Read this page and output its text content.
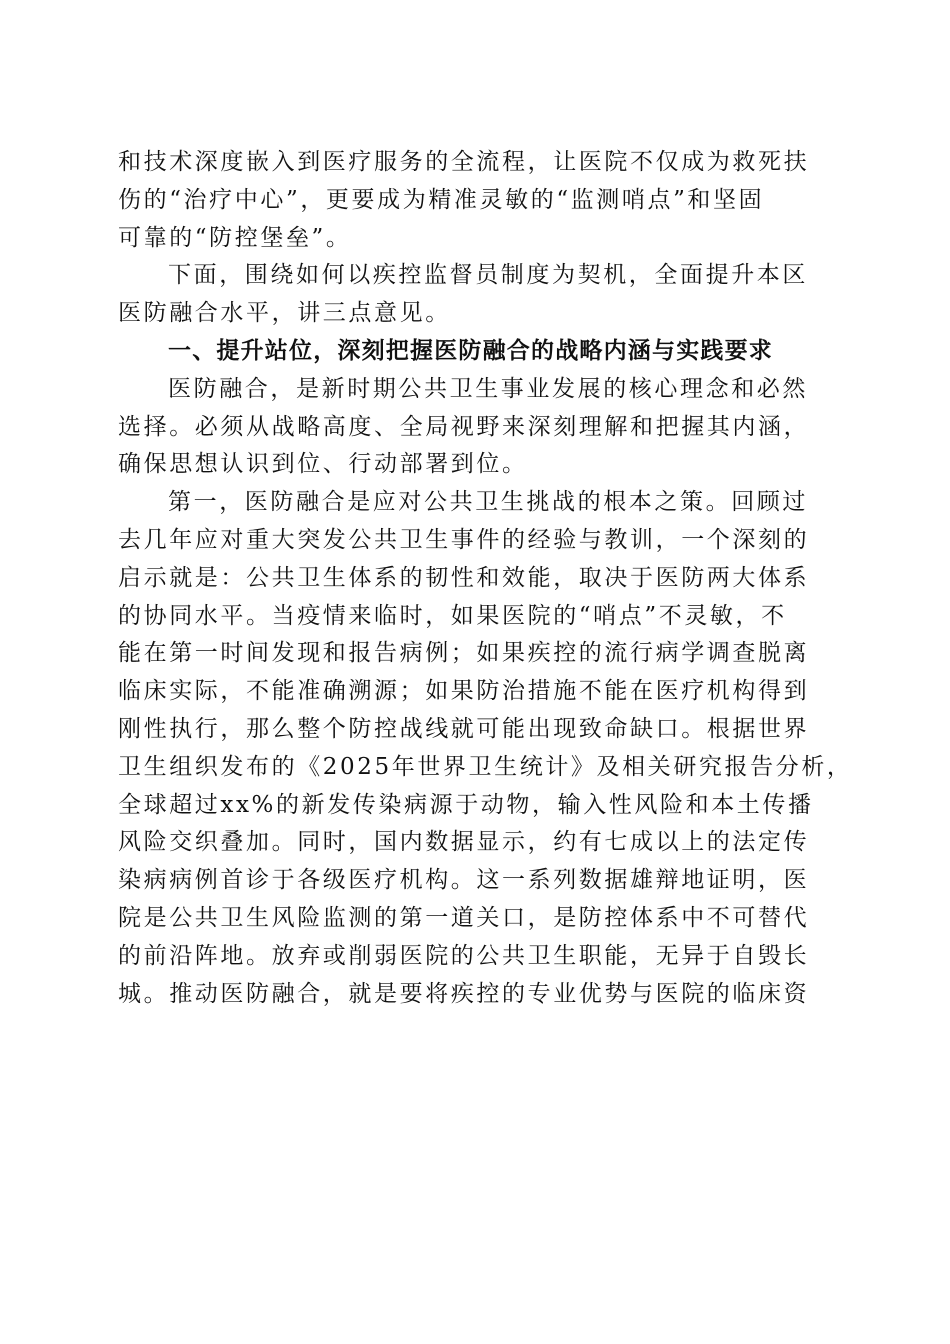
和技术深度嵌入到医疗服务的全流程，让医院不仅成为救死扶
伤的“治疗中心”，更要成为精准灵敏的“监测哨点”和坚固
可靠的“防控堡垒”。
下面，围绕如何以疾控监督员制度为契机，全面提升本区
医防融合水平，讲三点意见。
一、提升站位，深刻把握医防融合的战略内涵与实践要求
医防融合，是新时期公共卫生事业发展的核心理念和必然
选择。必须从战略高度、全局视野来深刻理解和把握其内涵，
确保思想认识到位、行动部署到位。
第一，医防融合是应对公共卫生挑战的根本之策。回顾过
去几年应对重大突发公共卫生事件的经验与教训，一个深刻的
启示就是：公共卫生体系的韧性和效能，取决于医防两大体系
的协同水平。当疫情来临时，如果医院的“哨点”不灵敏，不
能在第一时间发现和报告病例；如果疾控的流行病学调查脱离
临床实际，不能准确溯源；如果防治措施不能在医疗机构得到
刚性执行，那么整个防控战线就可能出现致命缺口。根据世界
卫生组织发布的《2025年世界卫生统计》及相关研究报告分析，
全球超过xx%的新发传染病源于动物，输入性风险和本土传播
风险交织叠加。同时，国内数据显示，约有七成以上的法定传
染病病例首诊于各级医疗机构。这一系列数据雄辩地证明，医
院是公共卫生风险监测的第一道关口，是防控体系中不可替代
的前沿阵地。放弃或削弱医院的公共卫生职能，无异于自毁长
城。推动医防融合，就是要将疾控的专业优势与医院的临床资
